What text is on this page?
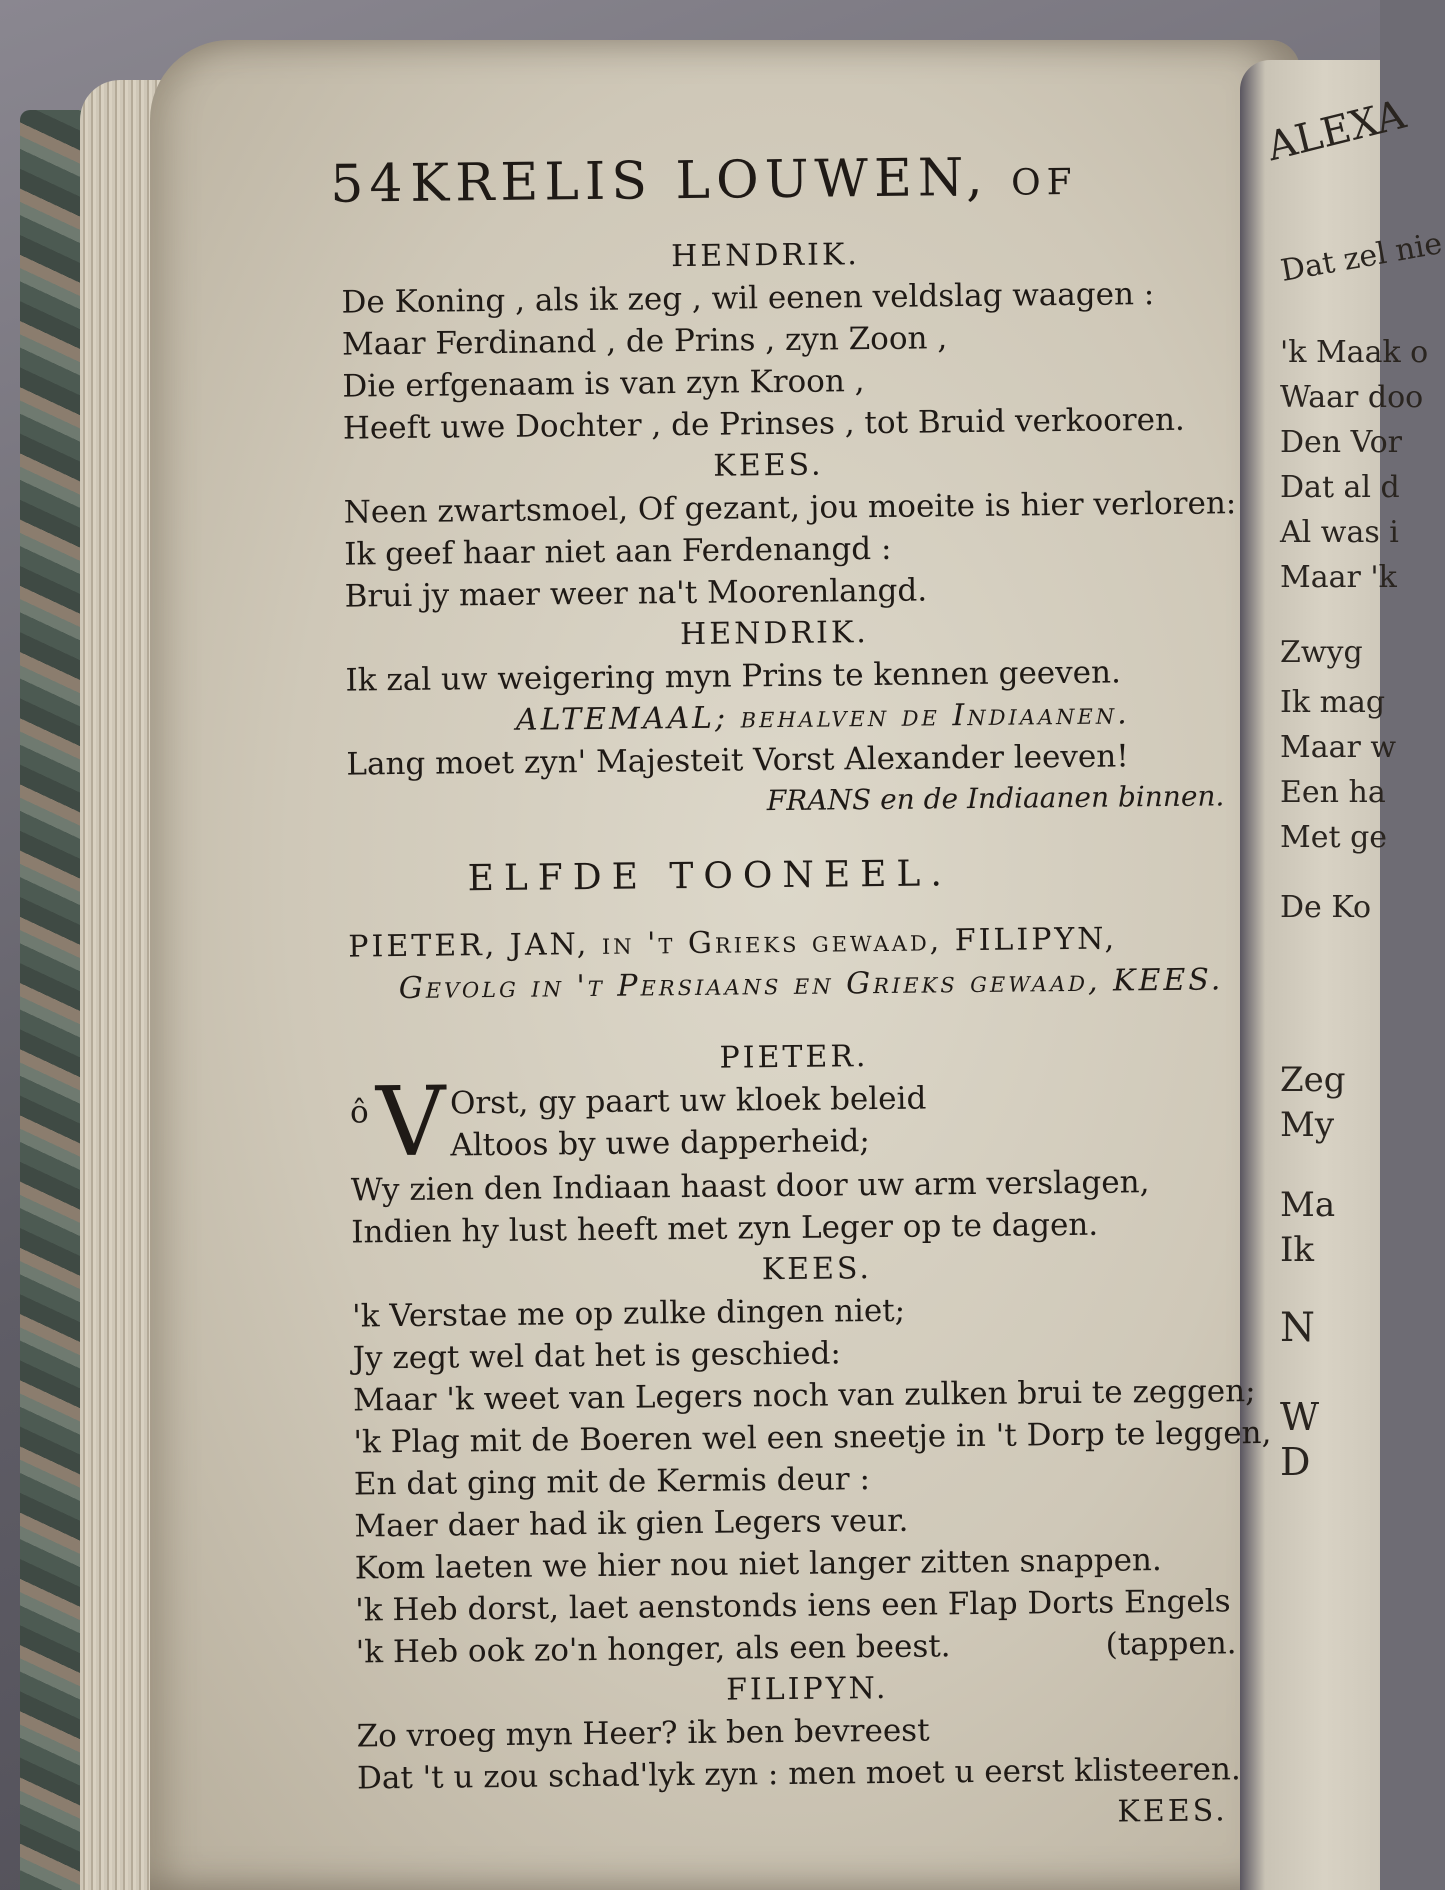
ALEXA
Dat zel nie
'k Maak o
Waar doo
Den Vor
Dat al d
Al was i
Maar 'k
Zwyg
Ik mag
Maar w
Een ha
Met ge
De Ko
Zeg
My
Ma
Ik
N
W
D
54 KRELIS LOUWEN, of
HENDRIK.
De Koning , als ik zeg , wil eenen veldslag waagen :
Maar Ferdinand , de Prins , zyn Zoon ,
Die erfgenaam is van zyn Kroon ,
Heeft uwe Dochter , de Prinses , tot Bruid verkooren.
KEES.
Neen zwartsmoel, Of gezant, jou moeite is hier verloren:
Ik geef haar niet aan Ferdenangd :
Brui jy maer weer na't Moorenlangd.
HENDRIK.
Ik zal uw weigering myn Prins te kennen geeven.
ALTEMAAL; behalven de Indiaanen.
Lang moet zyn' Majesteit Vorst Alexander leeven!
FRANS en de Indiaanen binnen.
ELFDE TOONEEL.
PIETER, JAN, in 't Grieks gewaad, FILIPYN,
Gevolg in 't Persiaans en Grieks gewaad, KEES.
PIETER.
ô V Orst, gy paart uw kloek beleid
Altoos by uwe dapperheid;
Wy zien den Indiaan haast door uw arm verslagen,
Indien hy lust heeft met zyn Leger op te dagen.
KEES.
'k Verstae me op zulke dingen niet;
Jy zegt wel dat het is geschied:
Maar 'k weet van Legers noch van zulken brui te zeggen;
'k Plag mit de Boeren wel een sneetje in 't Dorp te leggen,
En dat ging mit de Kermis deur :
Maer daer had ik gien Legers veur.
Kom laeten we hier nou niet langer zitten snappen.
'k Heb dorst, laet aenstonds iens een Flap Dorts Engels
'k Heb ook zo'n honger, als een beest.	(tappen.
FILIPYN.
Zo vroeg myn Heer? ik ben bevreest
Dat 't u zou schad'lyk zyn : men moet u eerst klisteeren.
KEES.
